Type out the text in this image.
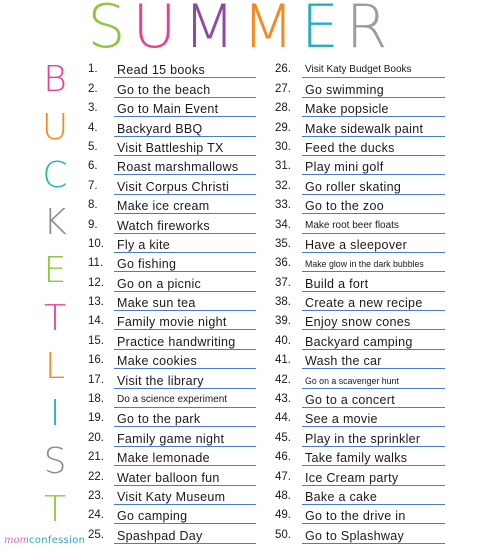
SUMMER
B
U
C
K
E
T
L
I
S
T
1.	Read 15 books
2.	Go to the beach
3.	Go to Main Event
4.	Backyard BBQ
5.	Visit Battleship TX
6.	Roast marshmallows
7.	Visit Corpus Christi
8.	Make ice cream
9.	Watch fireworks
10.	Fly a kite
11.	Go fishing
12.	Go on a picnic
13.	Make sun tea
14.	Family movie night
15.	Practice handwriting
16.	Make cookies
17.	Visit the library
18.	Do a science experiment
19.	Go to the park
20.	Family game night
21.	Make lemonade
22.	Water balloon fun
23.	Visit Katy Museum
24.	Go camping
25.	Spashpad Day
26.	Visit Katy Budget Books
27.	Go swimming
28.	Make popsicle
29.	Make sidewalk paint
30.	Feed the ducks
31.	Play mini golf
32.	Go roller skating
33.	Go to the zoo
34.	Make root beer floats
35.	Have a sleepover
36.	Make glow in the dark bubbles
37.	Build a fort
38.	Create a new recipe
39.	Enjoy snow cones
40.	Backyard camping
41.	Wash the car
42.	Go on a scavenger hunt
43.	Go to a concert
44.	See a movie
45.	Play in the sprinkler
46.	Take family walks
47.	Ice Cream party
48.	Bake a cake
49.	Go to the drive in
50.	Go to Splashway
momconfession
